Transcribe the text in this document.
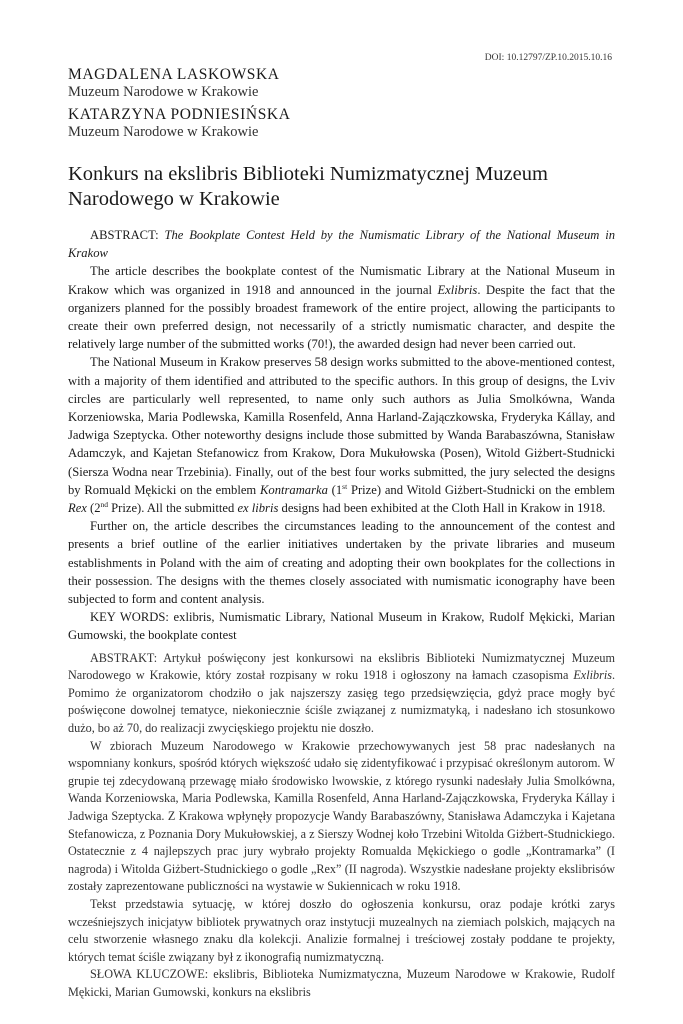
DOI: 10.12797/ZP.10.2015.10.16
MAGDALENA LASKOWSKA
Muzeum Narodowe w Krakowie
KATARZYNA PODNIESIŃSKA
Muzeum Narodowe w Krakowie
Konkurs na ekslibris Biblioteki Numizmatycznej Muzeum Narodowego w Krakowie

ABSTRACT: The Bookplate Contest Held by the Numismatic Library of the National Museum in Krakow

The article describes the bookplate contest of the Numismatic Library at the National Museum in Krakow which was organized in 1918 and announced in the journal Exlibris. Despite the fact that the organizers planned for the possibly broadest framework of the entire project, allowing the participants to create their own preferred design, not necessarily of a strictly numismatic character, and despite the relatively large number of the submitted works (70!), the awarded design had never been carried out.

The National Museum in Krakow preserves 58 design works submitted to the above-mentioned contest, with a majority of them identified and attributed to the specific authors. In this group of designs, the Lviv circles are particularly well represented, to name only such authors as Julia Smolkówna, Wanda Korzeniowska, Maria Podlewska, Kamilla Rosenfeld, Anna Harland-Zajączkowska, Fryderyka Kállay, and Jadwiga Szeptycka. Other noteworthy designs include those submitted by Wanda Barabaszówna, Stanisław Adamczyk, and Kajetan Stefanowicz from Krakow, Dora Mukułowska (Posen), Witold Giżbert-Studnicki (Siersza Wodna near Trzebinia). Finally, out of the best four works submitted, the jury selected the designs by Romuald Mękicki on the emblem Kontramarka (1st Prize) and Witold Giżbert-Studnicki on the emblem Rex (2nd Prize). All the submitted ex libris designs had been exhibited at the Cloth Hall in Krakow in 1918.

Further on, the article describes the circumstances leading to the announcement of the contest and presents a brief outline of the earlier initiatives undertaken by the private libraries and museum establishments in Poland with the aim of creating and adopting their own bookplates for the collections in their possession. The designs with the themes closely associated with numismatic iconography have been subjected to form and content analysis.

KEY WORDS: exlibris, Numismatic Library, National Museum in Krakow, Rudolf Mękicki, Marian Gumowski, the bookplate contest

ABSTRAKT: Artykuł poświęcony jest konkursowi na ekslibris Biblioteki Numizmatycznej Muzeum Narodowego w Krakowie, który został rozpisany w roku 1918 i ogłoszony na łamach czasopisma Exlibris. Pomimo że organizatorom chodziło o jak najszerszy zasięg tego przedsięwzięcia, gdyż prace mogły być poświęcone dowolnej tematyce, niekoniecznie ściśle związanej z numizmatyką, i nadesłano ich stosunkowo dużo, bo aż 70, do realizacji zwycięskiego projektu nie doszło.

W zbiorach Muzeum Narodowego w Krakowie przechowywanych jest 58 prac nadesłanych na wspomniany konkurs, spośród których większość udało się zidentyfikować i przypisać określonym autorom. W grupie tej zdecydowaną przewagę miało środowisko lwowskie, z którego rysunki nadesłały Julia Smolkówna, Wanda Korzeniowska, Maria Podlewska, Kamilla Rosenfeld, Anna Harland-Zajączkowska, Fryderyka Kállay i Jadwiga Szeptycka. Z Krakowa wpłynęły propozycje Wandy Barabaszówny, Stanisława Adamczyka i Kajetana Stefanowicza, z Poznania Dory Mukułowskiej, a z Sierszy Wodnej koło Trzebini Witolda Giżbert-Studnickiego. Ostatecznie z 4 najlepszych prac jury wybrało projekty Romualda Mękickiego o godle „Kontramarka” (I nagroda) i Witolda Giżbert-Studnickiego o godle „Rex” (II nagroda). Wszystkie nadesłane projekty ekslibrisów zostały zaprezentowane publiczności na wystawie w Sukiennicach w roku 1918.

Tekst przedstawia sytuację, w której doszło do ogłoszenia konkursu, oraz podaje krótki zarys wcześniejszych inicjatyw bibliotek prywatnych oraz instytucji muzealnych na ziemiach polskich, mających na celu stworzenie własnego znaku dla kolekcji. Analizie formalnej i treściowej zostały poddane te projekty, których temat ściśle związany był z ikonografią numizmatyczną.

SŁOWA KLUCZOWE: ekslibris, Biblioteka Numizmatyczna, Muzeum Narodowe w Krakowie, Rudolf Mękicki, Marian Gumowski, konkurs na ekslibris
